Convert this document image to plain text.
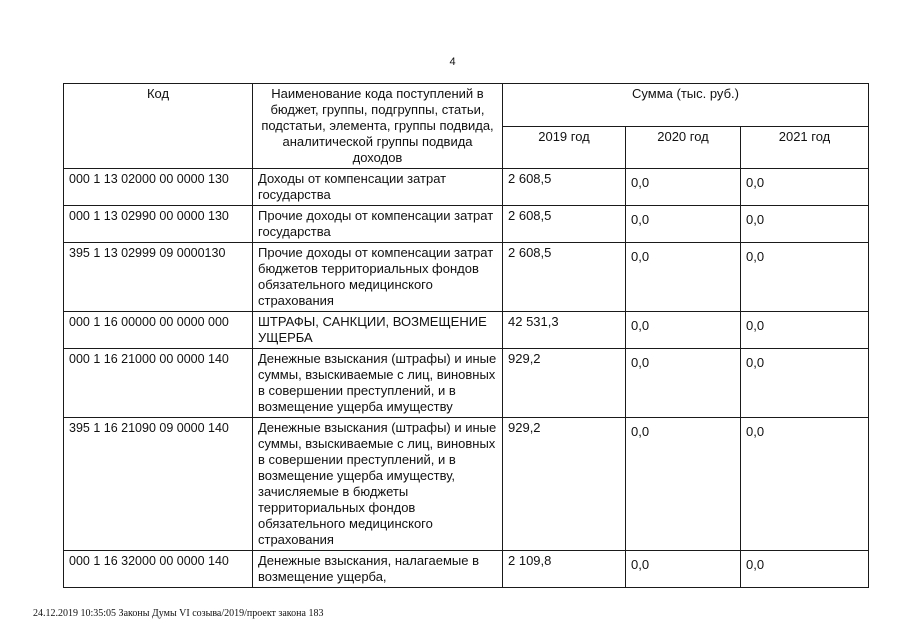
4
Код	Наименование кода поступлений в бюджет, группы, подгруппы, статьи, подстатьи, элемента, группы подвида, аналитической группы подвида доходов	Сумма (тыс. руб.)		
		2019 год	2020 год	2021 год
000 1 13 02000 00 0000 130	Доходы от компенсации затрат государства	2 608,5	0,0	0,0
000 1 13 02990 00 0000 130	Прочие доходы от компенсации затрат государства	2 608,5	0,0	0,0
395 1 13 02999 09 0000130	Прочие доходы от компенсации затрат бюджетов территориальных фондов обязательного медицинского страхования	2 608,5	0,0	0,0
000 1 16 00000 00 0000 000	ШТРАФЫ, САНКЦИИ, ВОЗМЕЩЕНИЕ УЩЕРБА	42 531,3	0,0	0,0
000 1 16 21000 00 0000 140	Денежные взыскания (штрафы) и иные суммы, взыскиваемые с лиц, виновных в совершении преступлений, и в возмещение ущерба имуществу	929,2	0,0	0,0
395 1 16 21090 09 0000 140	Денежные взыскания (штрафы) и иные суммы, взыскиваемые с лиц, виновных в совершении преступлений, и в возмещение ущерба имуществу, зачисляемые в бюджеты территориальных фондов обязательного медицинского страхования	929,2	0,0	0,0
000 1 16 32000 00 0000 140	Денежные взыскания, налагаемые в возмещение ущерба,	2 109,8	0,0	0,0
24.12.2019 10:35:05 Законы Думы VI созыва/2019/проект закона 183
